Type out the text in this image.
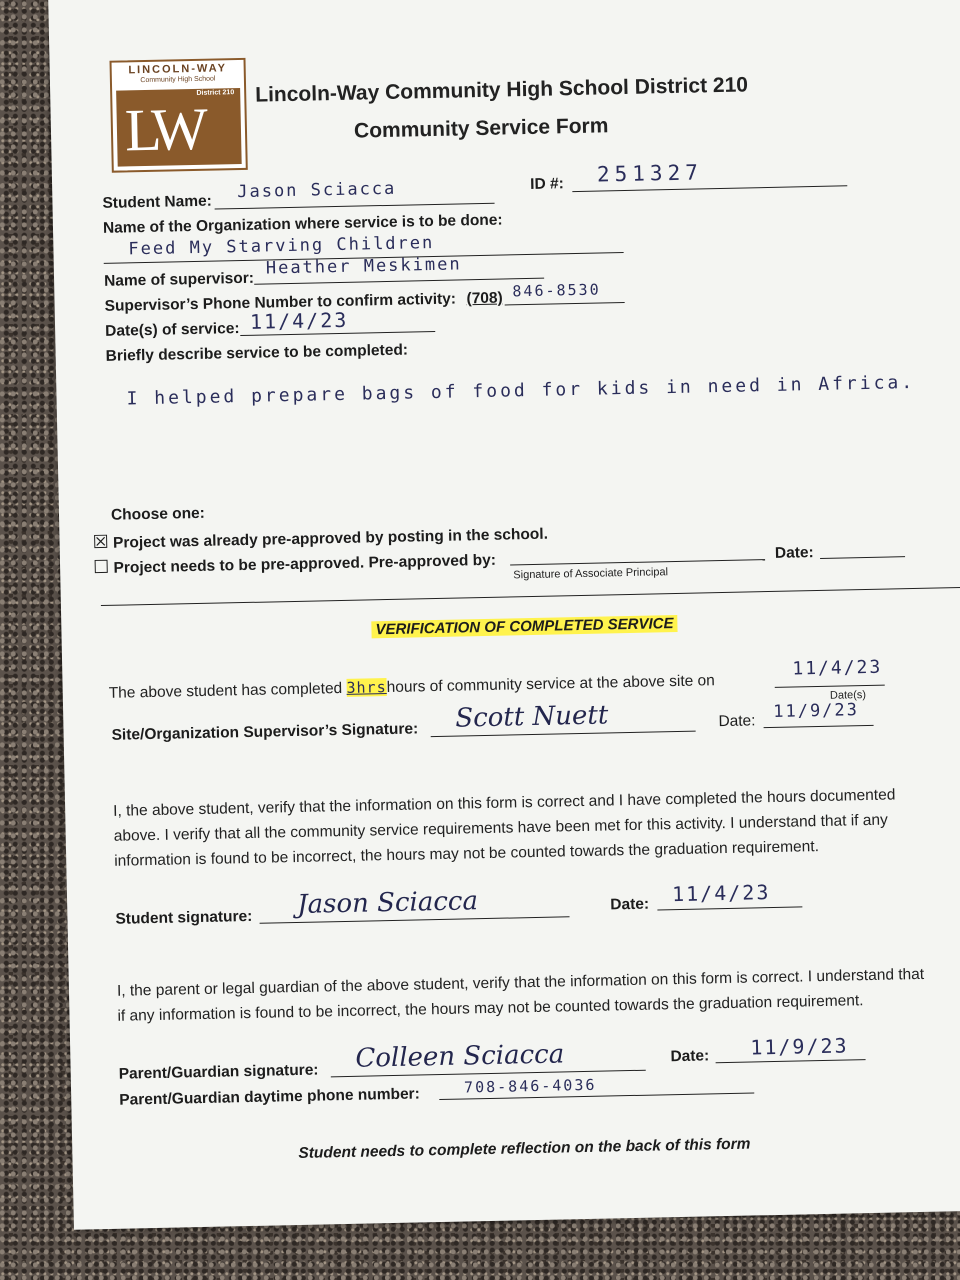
LINCOLN-WAY
Community High School
District 210
LW
Lincoln-Way Community High School District 210
Community Service Form
Student Name:
Jason Sciacca	ID #: 251327
Name of the Organization where service is to be done:
Feed My Starving Children
Name of supervisor:
Heather Meskimen
Supervisor’s Phone Number to confirm activity: (708) 846-8530
Date(s) of service: 11/4/23
Briefly describe service to be completed:
I helped prepare bags of food for kids in need in Africa.
Choose one:
☒ Project was already pre-approved by posting in the school.
☐ Project needs to be pre-approved. Pre-approved by:	Date:
Signature of Associate Principal
VERIFICATION OF COMPLETED SERVICE
The above student has completed 3hrshours of community service at the above site on
11/4/23
Date(s)
Site/Organization Supervisor’s Signature: Scott Nuett	Date: 11/9/23
I, the above student, verify that the information on this form is correct and I have completed the hours documented above. I verify that all the community service requirements have been met for this activity. I understand that if any information is found to be incorrect, the hours may not be counted towards the graduation requirement.
Student signature: Jason Sciacca	Date: 11/4/23
I, the parent or legal guardian of the above student, verify that the information on this form is correct. I understand that if any information is found to be incorrect, the hours may not be counted towards the graduation requirement.
Parent/Guardian signature: Colleen Sciacca	Date: 11/9/23
Parent/Guardian daytime phone number:	708-846-4036
Student needs to complete reflection on the back of this form
